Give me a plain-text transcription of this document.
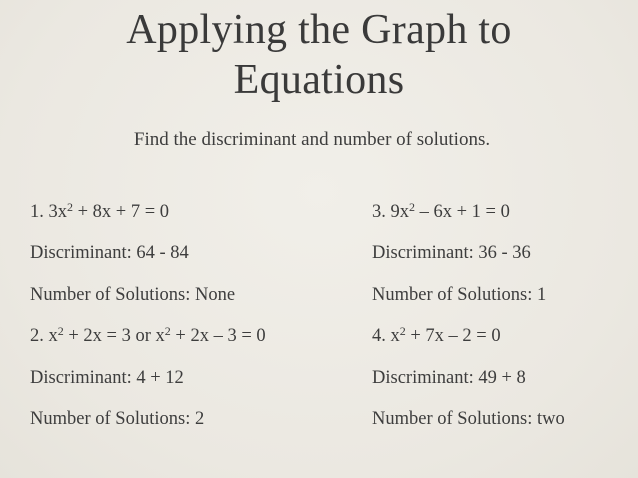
Applying the Graph to
Equations
Find the discriminant and number of solutions.
1. $3x^2 + 8x + 7 = 0$
Discriminant: 64 - 84
Number of Solutions: None
2. $x^2 + 2x = 3$ or $x^2 + 2x - 3 = 0$
Discriminant: 4 + 12
Number of Solutions: 2
3. $9x^2 - 6x + 1 = 0$
Discriminant: 36 - 36
Number of Solutions: 1
4. $x^2 + 7x - 2 = 0$
Discriminant: 49 + 8
Number of Solutions: two
